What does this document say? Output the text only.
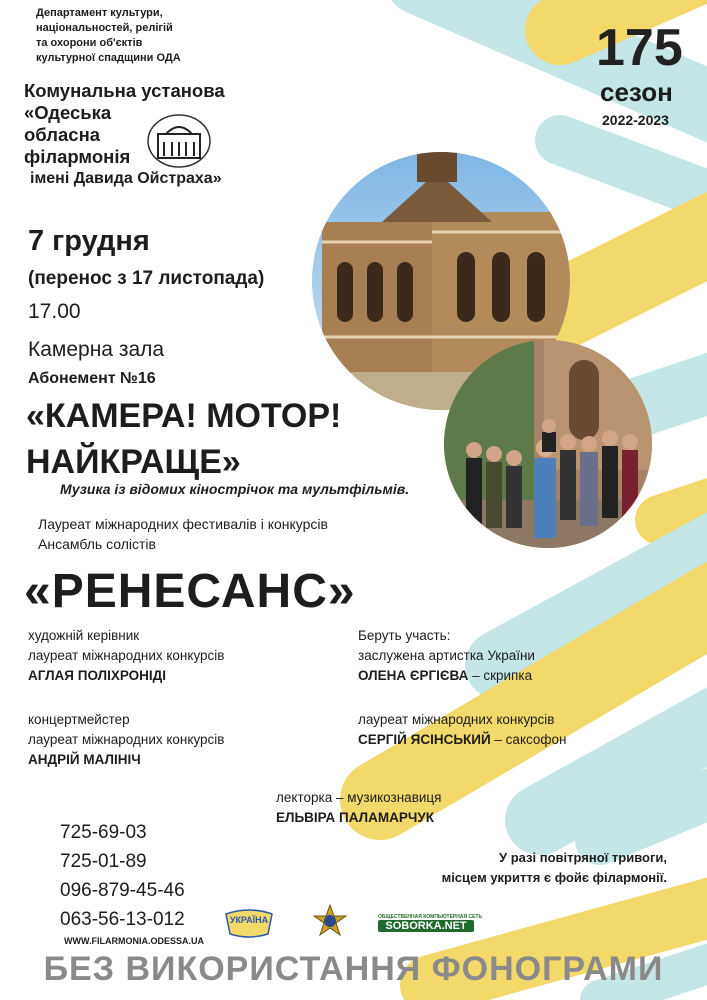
Департамент культури,
національностей, релігій
та охорони об'єктів
культурної спадщини ОДА
Комунальна установа
«Одеська
обласна
філармонія
імені Давида Ойстраха»
175
сезон
2022-2023
7 грудня
(перенос з 17 листопада)
17.00
Камерна зала
Абонемент №16
«КАМЕРА! МОТОР!
НАЙКРАЩЕ»
Музика із відомих кінострічок та мультфільмів.
Лауреат міжнародних фестивалів і конкурсів
Ансамбль солістів
«РЕНЕСАНС»
художній керівник
лауреат міжнародних конкурсів
АГЛАЯ ПОЛІХРОНІДІ
концертмейстер
лауреат міжнародних конкурсів
АНДРІЙ МАЛІНІЧ
Беруть участь:
заслужена артистка України
ОЛЕНА ЄРГІЄВА – скрипка
лауреат міжнародних конкурсів
СЕРГІЙ ЯСІНСЬКИЙ – саксофон
лекторка – музикознавиця
ЕЛЬВІРА ПАЛАМАРЧУК
725-69-03
725-01-89
096-879-45-46
063-56-13-012
WWW.FILARMONIA.ODESSA.UA
У разі повітряної тривоги,
місцем укриття є фойє філармонії.
УКРАЇНА	ОБЩЕСТВЕННАЯ КОМПЬЮТЕРНАЯ СЕТЬ
SOBORKA.NET
БЕЗ ВИКОРИСТАННЯ ФОНОГРАМИ
